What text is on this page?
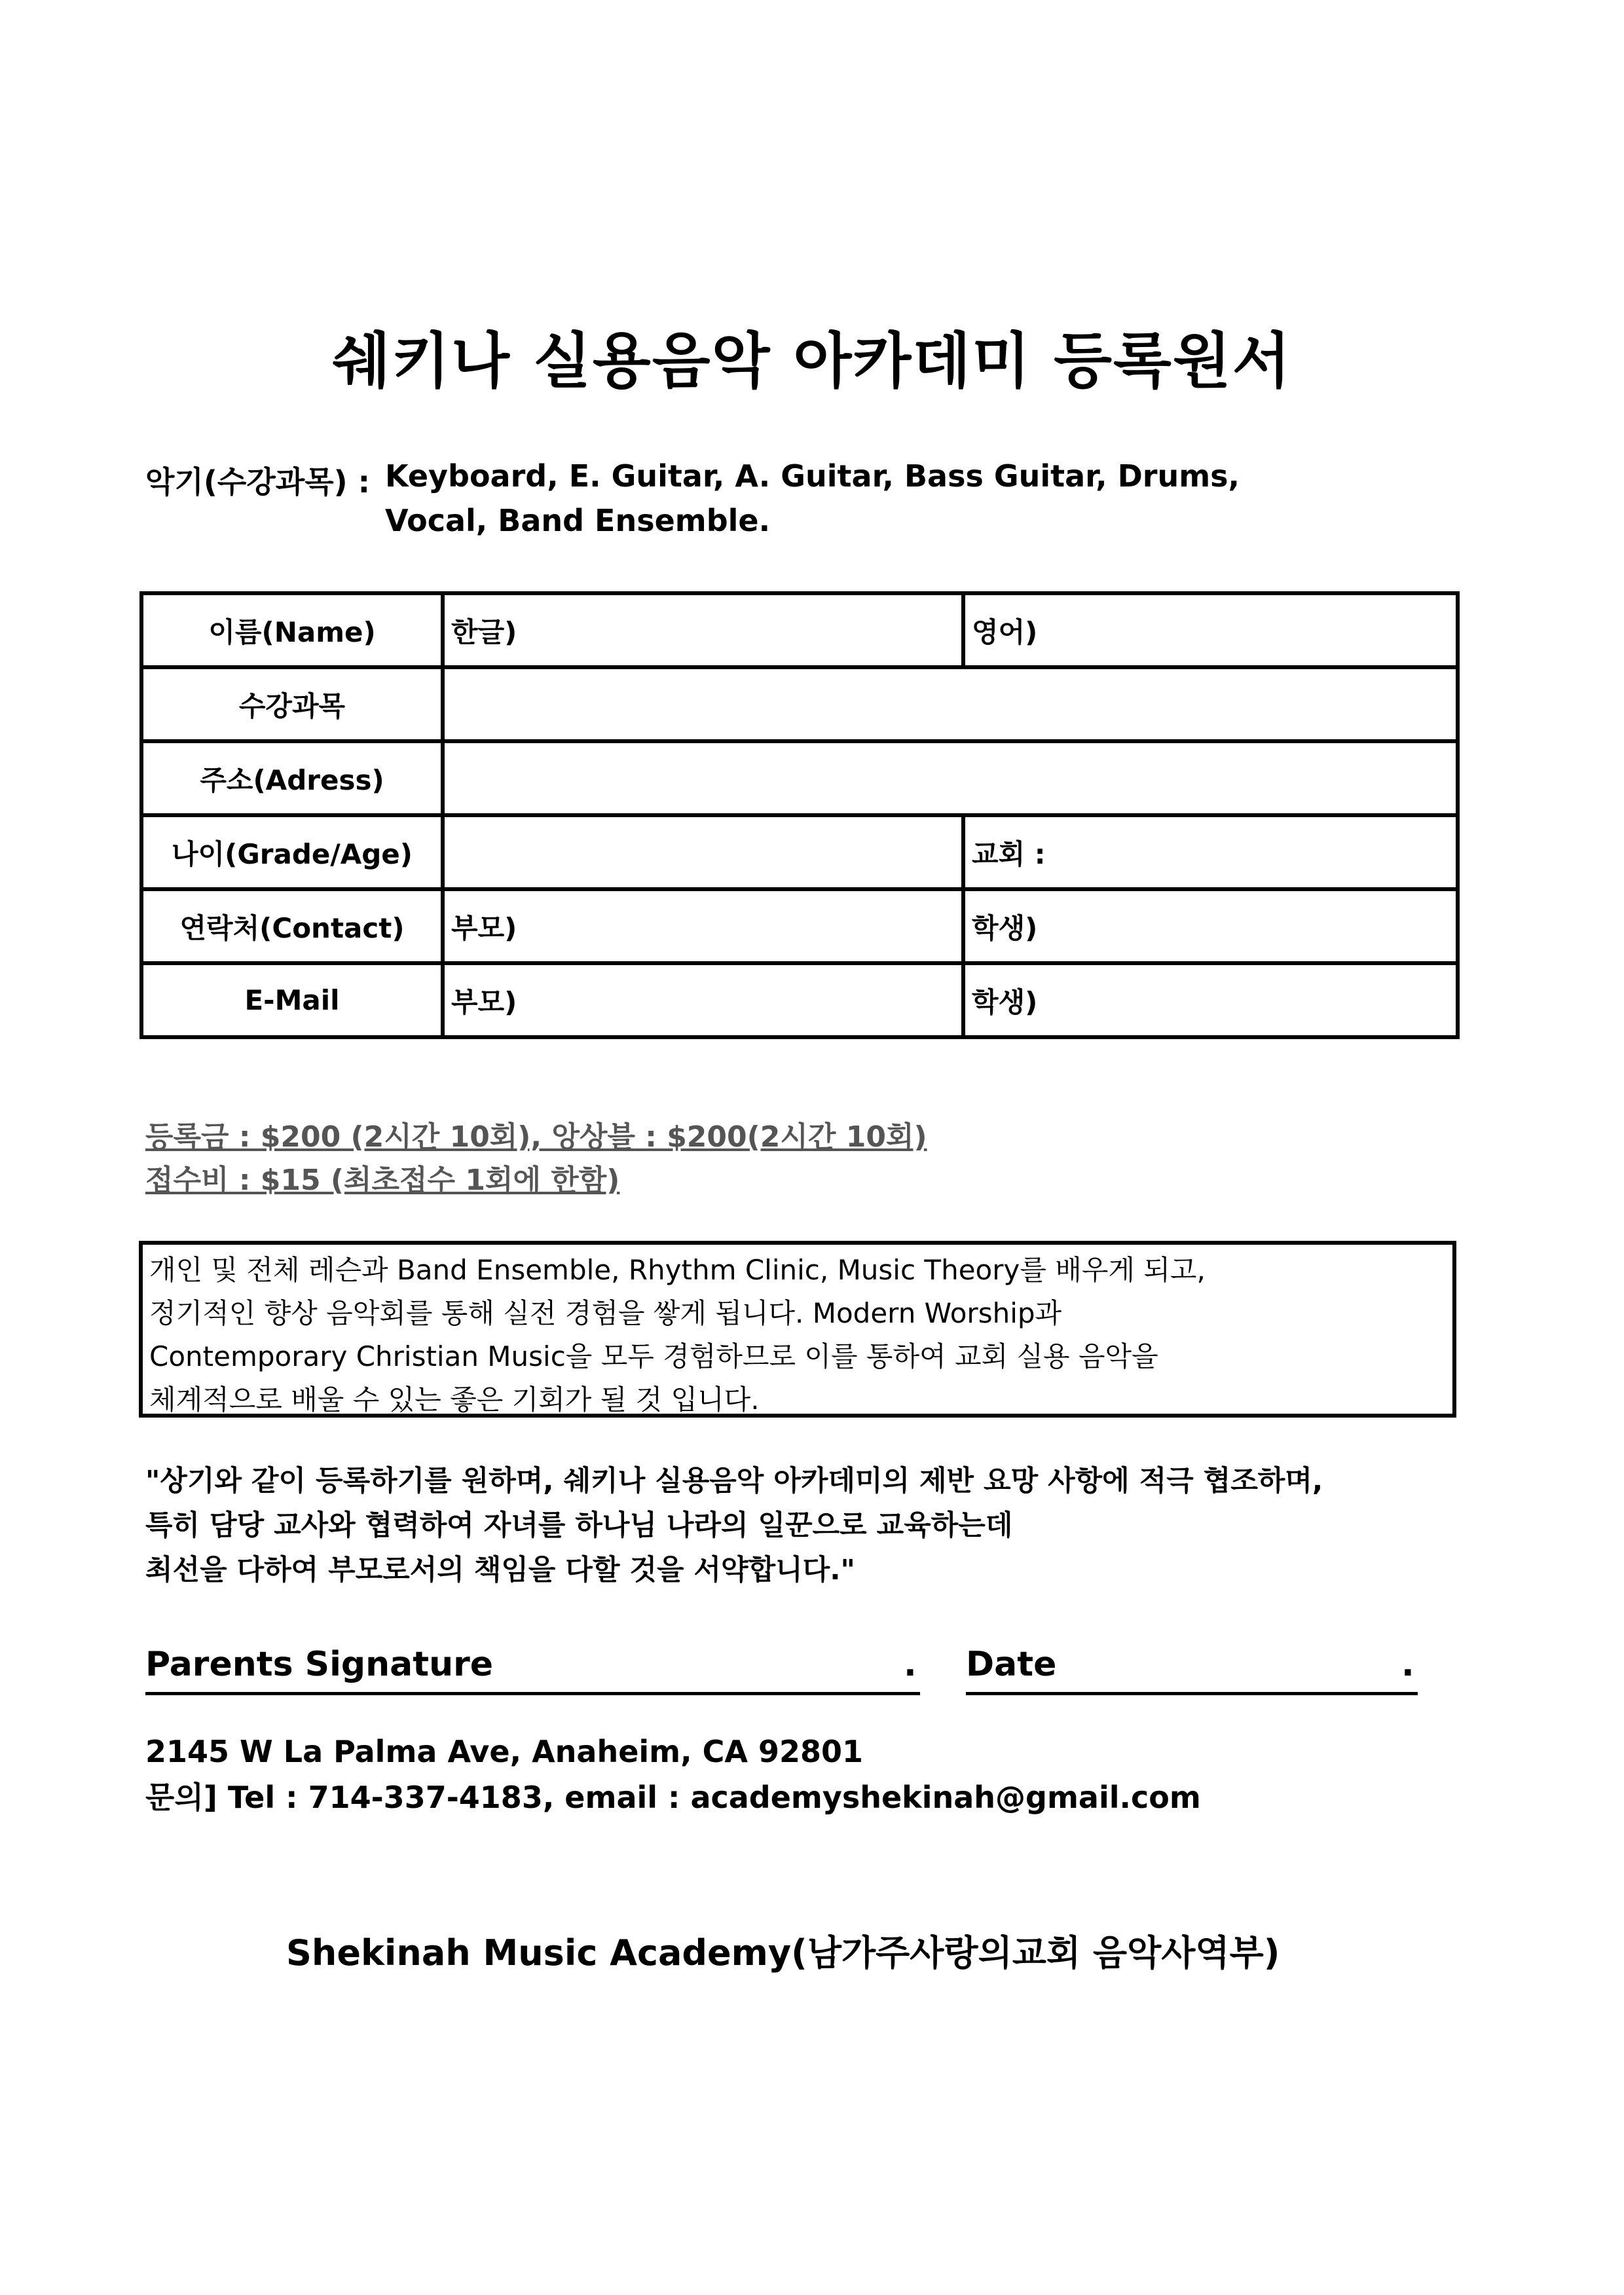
쉐키나 실용음악 아카데미 등록원서
악기(수강과목) : Keyboard, E. Guitar, A. Guitar, Bass Guitar, Drums,
Vocal, Band Ensemble.
이름(Name)	한글)	영어)
수강과목		
주소(Adress)		
나이(Grade/Age)		교회 :
연락처(Contact)	부모)	학생)
E-Mail	부모)	학생)
등록금 : $200 (2시간 10회), 앙상블 : $200(2시간 10회)
접수비 : $15 (최초접수 1회에 한함)
개인 및 전체 레슨과 Band Ensemble, Rhythm Clinic, Music Theory를 배우게 되고,
정기적인 향상 음악회를 통해 실전 경험을 쌓게 됩니다. Modern Worship과
Contemporary Christian Music을 모두 경험하므로 이를 통하여 교회 실용 음악을
체계적으로 배울 수 있는 좋은 기회가 될 것 입니다.
"상기와 같이 등록하기를 원하며, 쉐키나 실용음악 아카데미의 제반 요망 사항에 적극 협조하며,
특히 담당 교사와 협력하여 자녀를 하나님 나라의 일꾼으로 교육하는데
최선을 다하여 부모로서의 책임을 다할 것을 서약합니다."
Parents Signature	. Date	.
2145 W La Palma Ave, Anaheim, CA 92801
문의] Tel : 714-337-4183, email : academyshekinah@gmail.com
Shekinah Music Academy(남가주사랑의교회 음악사역부)
